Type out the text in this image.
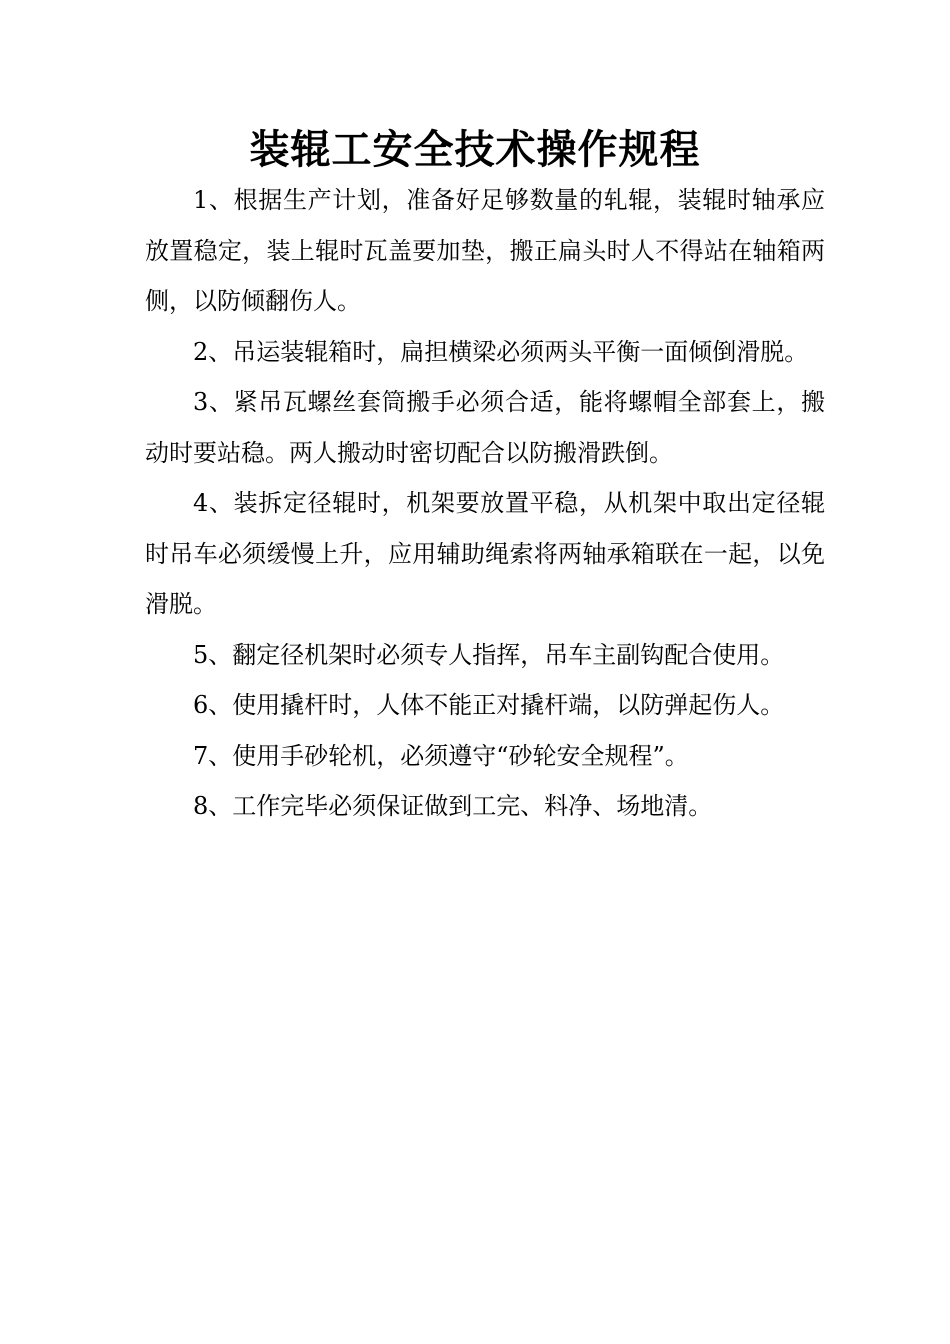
装辊工安全技术操作规程

1、根据生产计划，准备好足够数量的轧辊，装辊时轴承应放置稳定，装上辊时瓦盖要加垫，搬正扁头时人不得站在轴箱两侧，以防倾翻伤人。

2、吊运装辊箱时，扁担横梁必须两头平衡一面倾倒滑脱。

3、紧吊瓦螺丝套筒搬手必须合适，能将螺帽全部套上，搬动时要站稳。两人搬动时密切配合以防搬滑跌倒。

4、装拆定径辊时，机架要放置平稳，从机架中取出定径辊时吊车必须缓慢上升，应用辅助绳索将两轴承箱联在一起，以免滑脱。

5、翻定径机架时必须专人指挥，吊车主副钩配合使用。

6、使用撬杆时，人体不能正对撬杆端，以防弹起伤人。

7、使用手砂轮机，必须遵守“砂轮安全规程”。

8、工作完毕必须保证做到工完、料净、场地清。
